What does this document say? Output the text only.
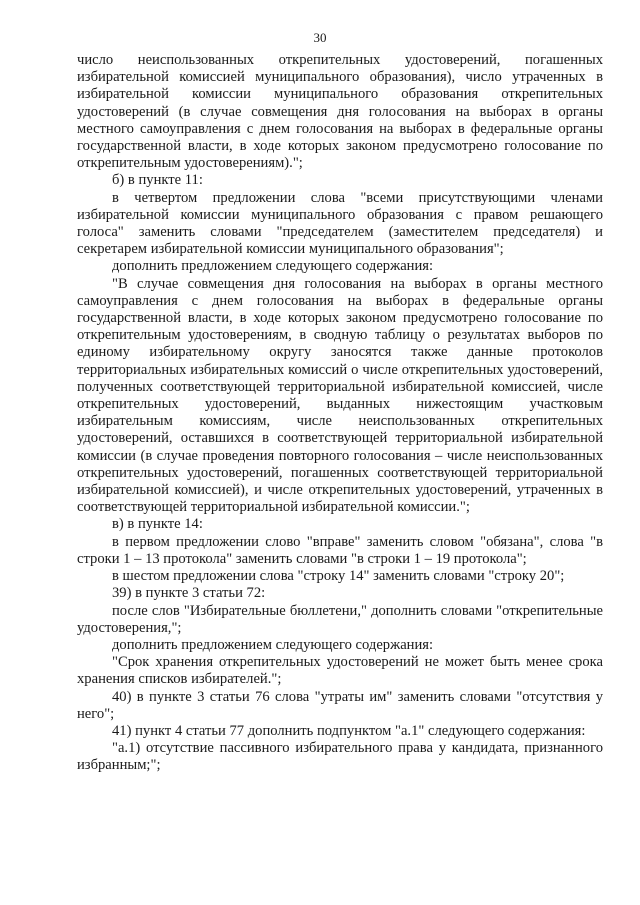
30

число неиспользованных открепительных удостоверений, погашенных избирательной комиссией муниципального образования), число утраченных в избирательной комиссии муниципального образования открепительных удостоверений (в случае совмещения дня голосования на выборах в органы местного самоуправления с днем голосования на выборах в федеральные органы государственной власти, в ходе которых законом предусмотрено голосование по открепительным удостоверениям).";

б) в пункте 11:

в четвертом предложении слова "всеми присутствующими членами избирательной комиссии муниципального образования с правом решающего голоса" заменить словами "председателем (заместителем председателя) и секретарем избирательной комиссии муниципального образования";

дополнить предложением следующего содержания:

"В случае совмещения дня голосования на выборах в органы местного самоуправления с днем голосования на выборах в федеральные органы государственной власти, в ходе которых законом предусмотрено голосование по открепительным удостоверениям, в сводную таблицу о результатах выборов по единому избирательному округу заносятся также данные протоколов территориальных избирательных комиссий о числе открепительных удостоверений, полученных соответствующей территориальной избирательной комиссией, числе открепительных удостоверений, выданных нижестоящим участковым избирательным комиссиям, числе неиспользованных открепительных удостоверений, оставшихся в соответствующей территориальной избирательной комиссии (в случае проведения повторного голосования – числе неиспользованных открепительных удостоверений, погашенных соответствующей территориальной избирательной комиссией), и числе открепительных удостоверений, утраченных в соответствующей территориальной избирательной комиссии.";

в) в пункте 14:

в первом предложении слово "вправе" заменить словом "обязана", слова "в строки 1 – 13 протокола" заменить словами "в строки 1 – 19 протокола";

в шестом предложении слова "строку 14" заменить словами "строку 20";

39) в пункте 3 статьи 72:

после слов "Избирательные бюллетени," дополнить словами "открепительные удостоверения,";

дополнить предложением следующего содержания:

"Срок хранения открепительных удостоверений не может быть менее срока хранения списков избирателей.";

40) в пункте 3 статьи 76 слова "утраты им" заменить словами "отсутствия у него";

41) пункт 4 статьи 77 дополнить подпунктом "а.1" следующего содержания:

"а.1) отсутствие пассивного избирательного права у кандидата, признанного избранным;";
